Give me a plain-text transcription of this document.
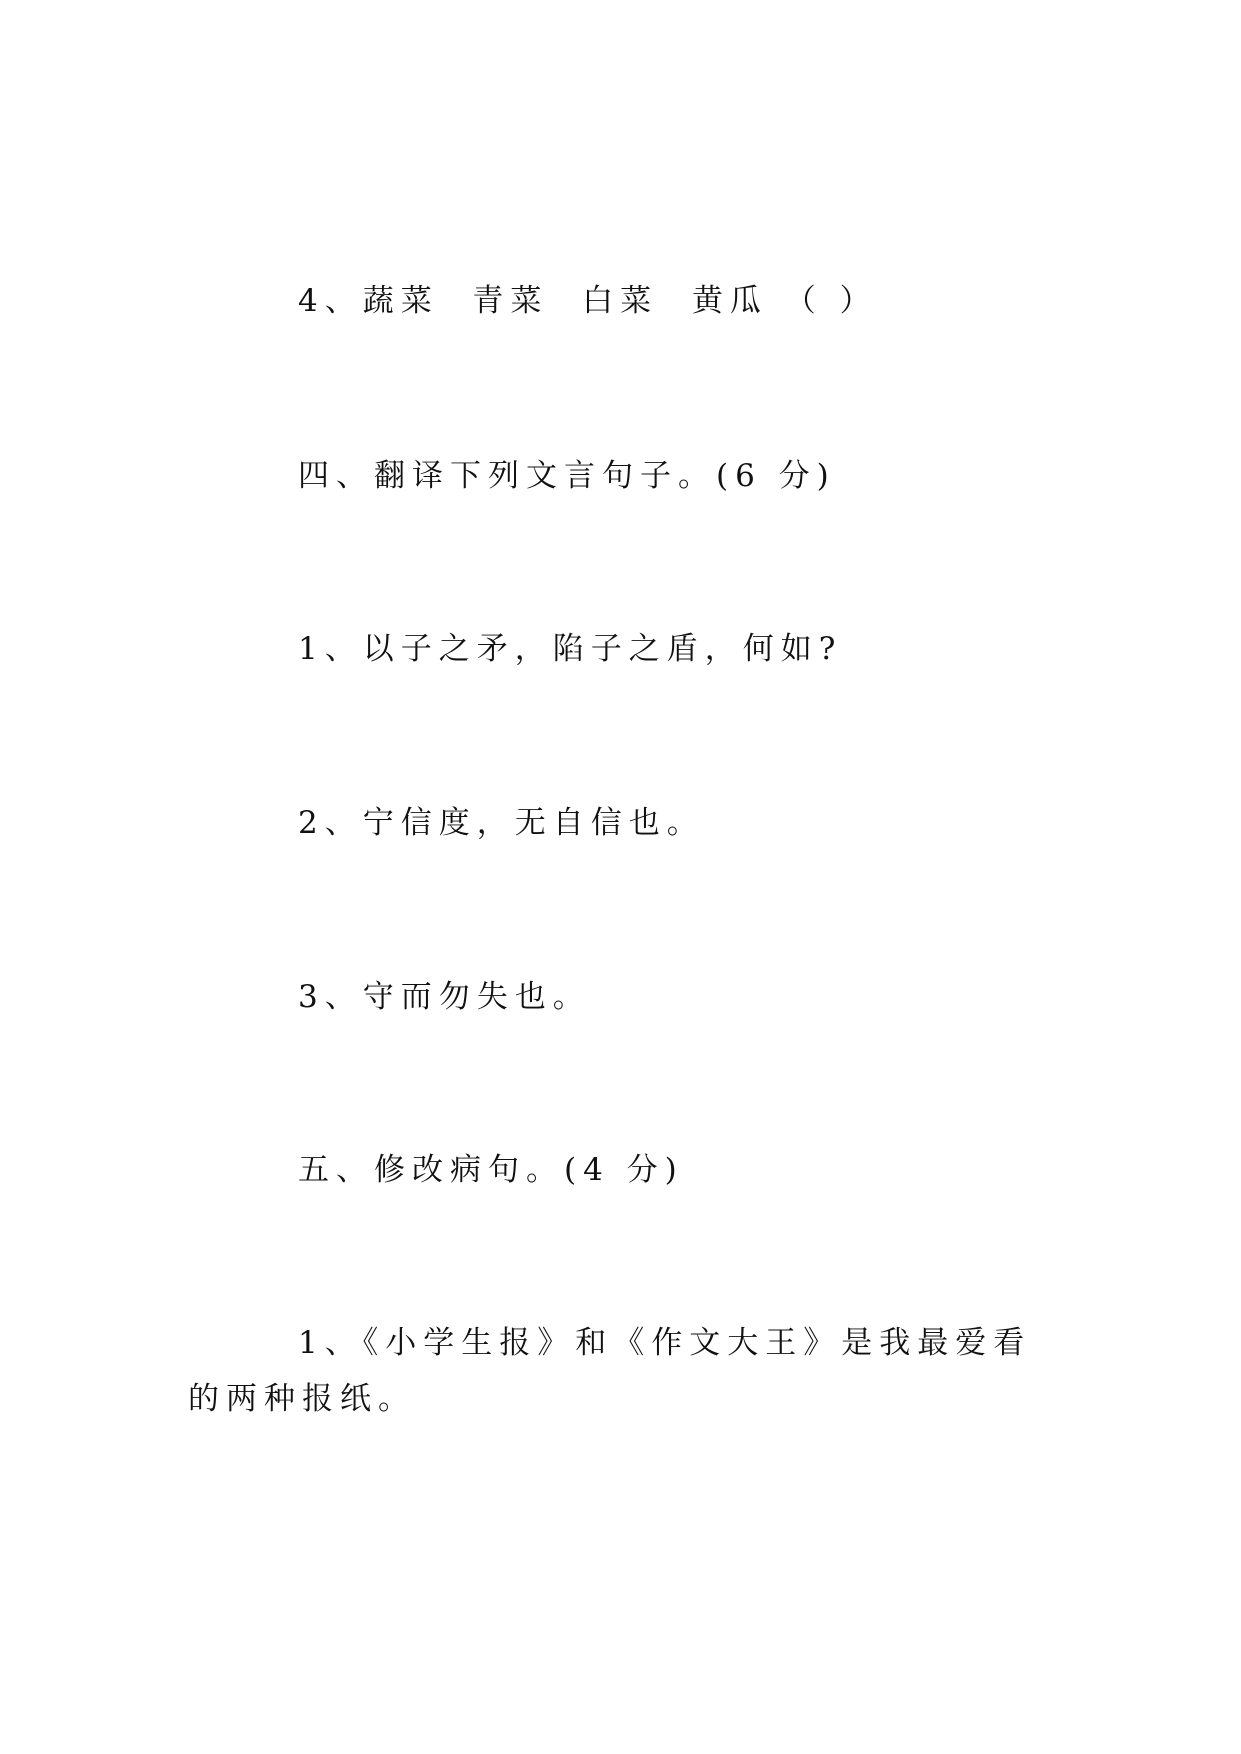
4、蔬菜  青菜  白菜  黄瓜 （ ）
四、翻译下列文言句子。(6 分)
1、以子之矛，陷子之盾，何如?
2、宁信度，无自信也。
3、守而勿失也。
五、修改病句。(4 分)
1、《小学生报》和《作文大王》是我最爱看的两种报纸。
